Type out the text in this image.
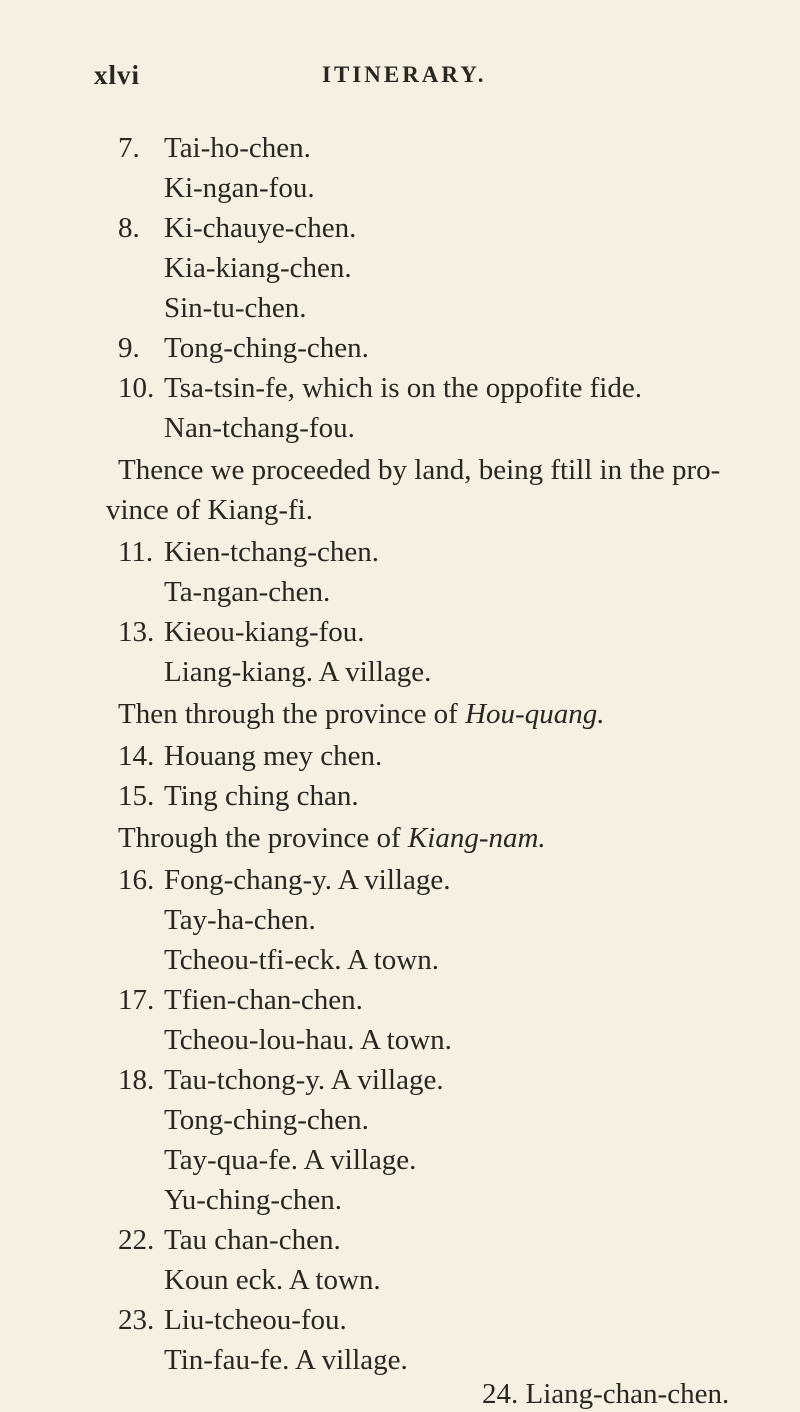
xlvi	ITINERARY.
7. Tai-ho-chen.
Ki-ngan-fou.
8. Ki-chauye-chen.
Kia-kiang-chen.
Sin-tu-chen.
9. Tong-ching-chen.
10. Tsa-tsin-fe, which is on the oppofite fide.
Nan-tchang-fou.
Thence we proceeded by land, being ftill in the pro-
vince of Kiang-fi.
11. Kien-tchang-chen.
Ta-ngan-chen.
13. Kieou-kiang-fou.
Liang-kiang. A village.
Then through the province of Hou-quang.
14. Houang mey chen.
15. Ting ching chan.
Through the province of Kiang-nam.
16. Fong-chang-y. A village.
Tay-ha-chen.
Tcheou-tfi-eck. A town.
17. Tfien-chan-chen.
Tcheou-lou-hau. A town.
18. Tau-tchong-y. A village.
Tong-ching-chen.
Tay-qua-fe. A village.
Yu-ching-chen.
22. Tau chan-chen.
Koun eck. A town.
23. Liu-tcheou-fou.
Tin-fau-fe. A village.
24. Liang-chan-chen.
